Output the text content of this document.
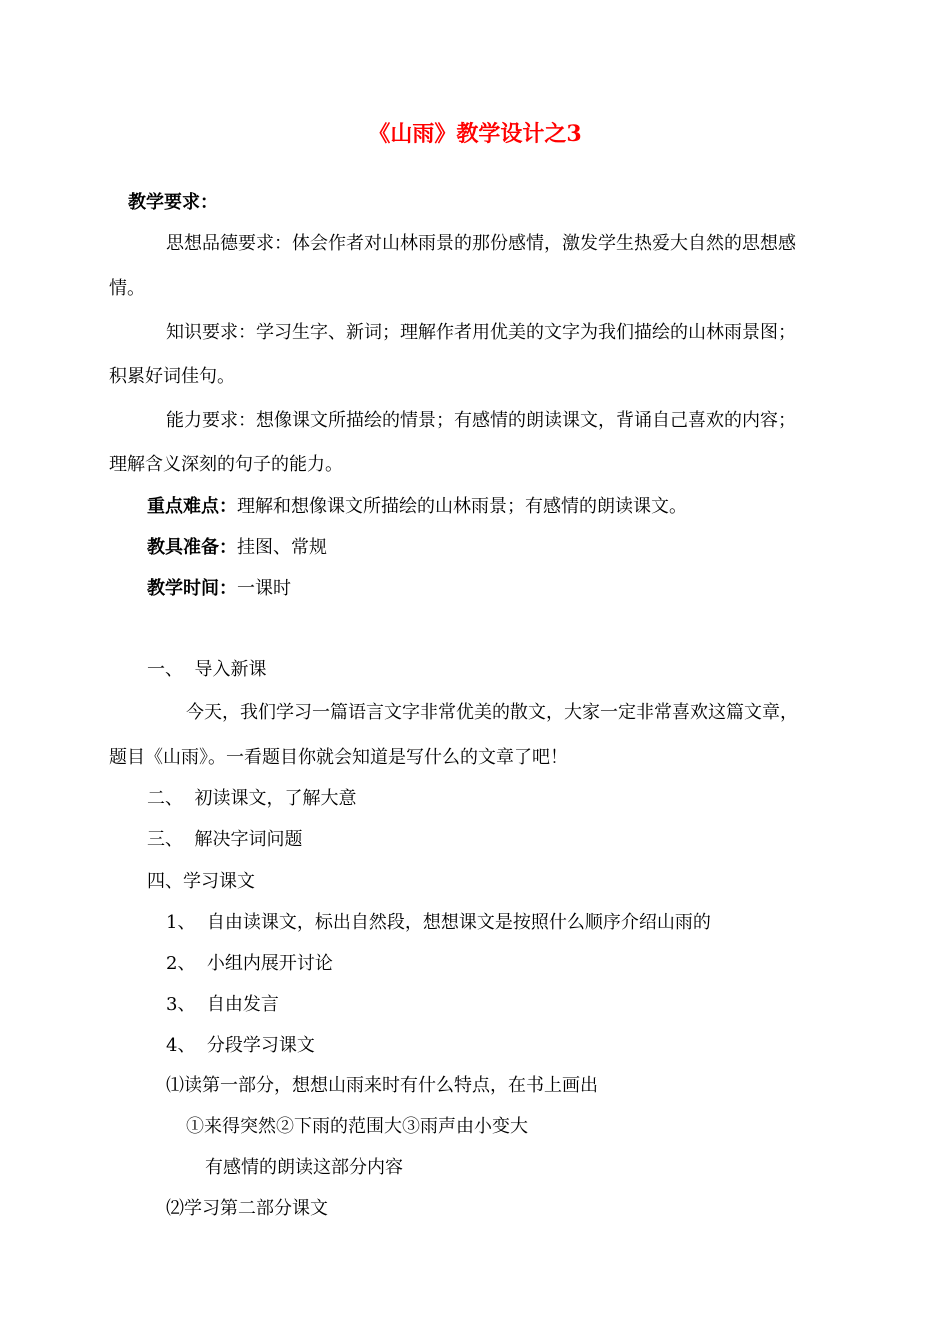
《山雨》教学设计之3
教学要求：
思想品德要求：体会作者对山林雨景的那份感情，激发学生热爱大自然的思想感
情。
知识要求：学习生字、新词；理解作者用优美的文字为我们描绘的山林雨景图；
积累好词佳句。
能力要求：想像课文所描绘的情景；有感情的朗读课文，背诵自己喜欢的内容；
理解含义深刻的句子的能力。
重点难点：理解和想像课文所描绘的山林雨景；有感情的朗读课文。
教具准备：挂图、常规
教学时间：一课时
一、  导入新课
今天，我们学习一篇语言文字非常优美的散文，大家一定非常喜欢这篇文章，
题目《山雨》。一看题目你就会知道是写什么的文章了吧！
二、  初读课文，了解大意
三、  解决字词问题
四、学习课文
1、  自由读课文，标出自然段，想想课文是按照什么顺序介绍山雨的
2、  小组内展开讨论
3、  自由发言
4、  分段学习课文
⑴读第一部分，想想山雨来时有什么特点，在书上画出
①来得突然②下雨的范围大③雨声由小变大
有感情的朗读这部分内容
⑵学习第二部分课文
